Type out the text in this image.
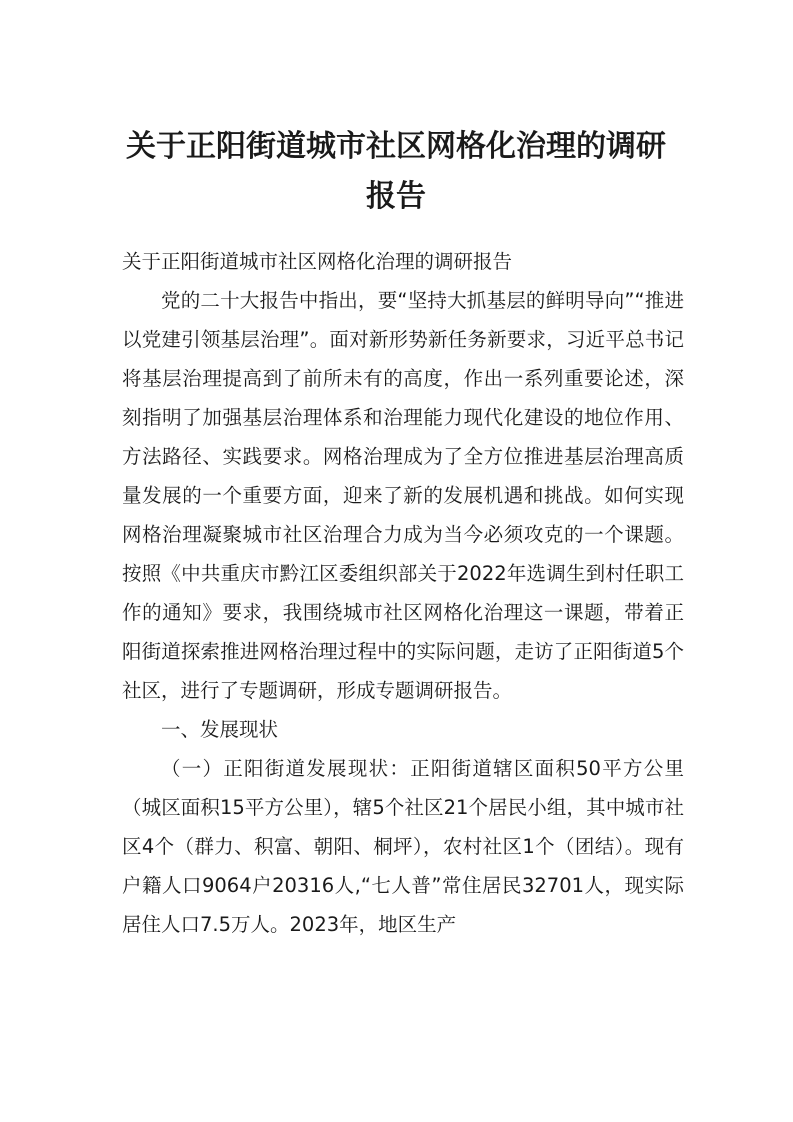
关于正阳街道城市社区网格化治理的调研
报告

关于正阳街道城市社区网格化治理的调研报告

党的二十大报告中指出，要“坚持大抓基层的鲜明导向”“推进以党建引领基层治理”。面对新形势新任务新要求，习近平总书记将基层治理提高到了前所未有的高度，作出一系列重要论述，深刻指明了加强基层治理体系和治理能力现代化建设的地位作用、方法路径、实践要求。网格治理成为了全方位推进基层治理高质量发展的一个重要方面，迎来了新的发展机遇和挑战。如何实现网格治理凝聚城市社区治理合力成为当今必须攻克的一个课题。按照《中共重庆市黔江区委组织部关于2022年选调生到村任职工作的通知》要求，我围绕城市社区网格化治理这一课题，带着正阳街道探索推进网格治理过程中的实际问题，走访了正阳街道5个社区，进行了专题调研，形成专题调研报告。

一、发展现状

（一）正阳街道发展现状：正阳街道辖区面积50平方公里（城区面积15平方公里），辖5个社区21个居民小组，其中城市社区4个（群力、积富、朝阳、桐坪），农村社区1个（团结）。现有户籍人口9064户20316人,“七人普”常住居民32701人，现实际居住人口7.5万人。2023年，地区生产
